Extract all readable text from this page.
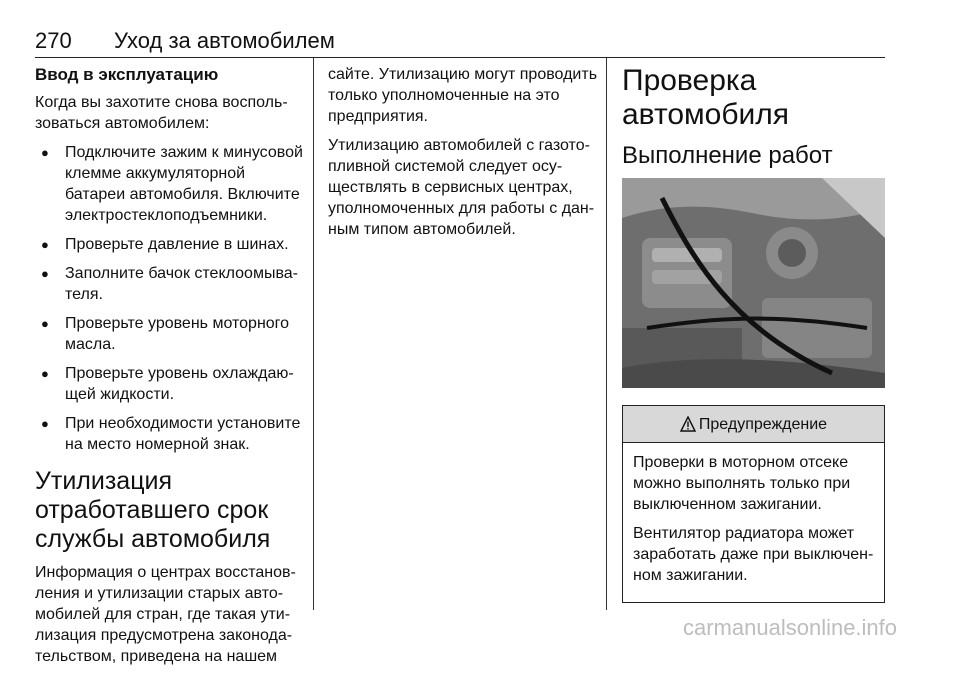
270 Уход за автомобилем
Ввод в эксплуатацию

Когда вы захотите снова воспользоваться автомобилем:

● Подключите зажим к минусовой клемме аккумуляторной батареи автомобиля. Включите электростеклоподъемники.
● Проверьте давление в шинах.
● Заполните бачок стеклоомывателя.
● Проверьте уровень моторного масла.
● Проверьте уровень охлаждающей жидкости.
● При необходимости установите на место номерной знак.
Утилизация отработавшего срок службы автомобиля

Информация о центрах восстановления и утилизации старых автомобилей для стран, где такая утилизация предусмотрена законодательством, приведена на нашем

сайте. Утилизацию могут проводить только уполномоченные на это предприятия.

Утилизацию автомобилей с газотопливной системой следует осуществлять в сервисных центрах, уполномоченных для работы с данным типом автомобилей.

Проверка автомобиля
Выполнение работ
Предупреждение

Проверки в моторном отсеке можно выполнять только при выключенном зажигании.

Вентилятор радиатора может заработать даже при выключенном зажигании.

carmanualsonline.info
